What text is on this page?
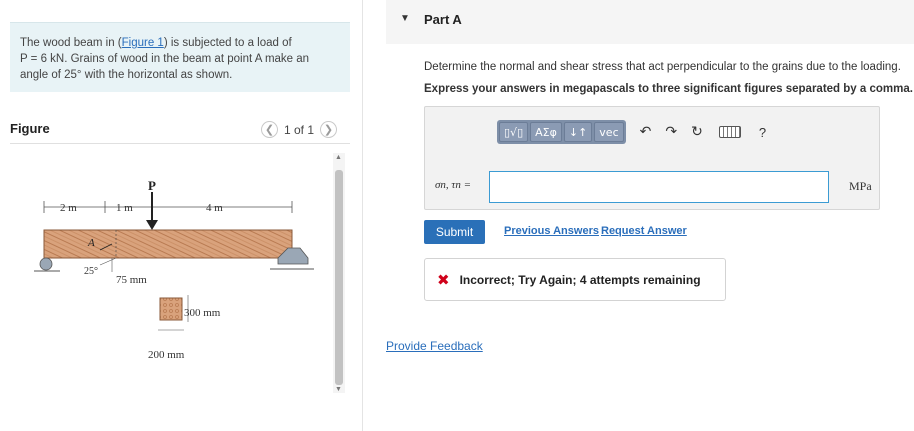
The wood beam in (Figure 1) is subjected to a load of
P = 6 kN. Grains of wood in the beam at point A make an
angle of 25° with the horizontal as shown.
Figure	❮ 1 of 1 ❯
2 m	1 m	4 m
P
A
25°
75 mm
300 mm
200 mm
▲
▼
▼ Part A
Determine the normal and shear stress that act perpendicular to the grains due to the loading.
Express your answers in megapascals to three significant figures separated by a comma.
▯√▯	ΑΣφ	↓↑	vec	↶ ↷ ↻	?
σn, τn =	MPa
Submit	Previous Answers Request Answer
✖ Incorrect; Try Again; 4 attempts remaining
Provide Feedback
